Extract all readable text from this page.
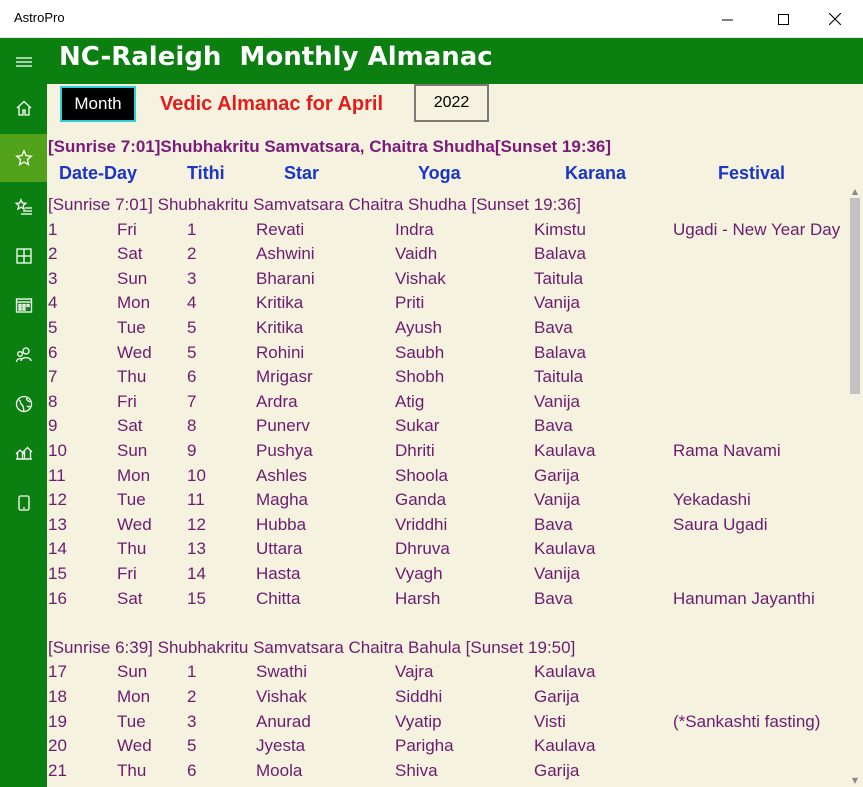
AstroPro
NC-Raleigh  Monthly Almanac
Month	Vedic Almanac for April	2022
[Sunrise 7:01]Shubhakritu Samvatsara, Chaitra Shudha[Sunset 19:36]
Date-Day	Tithi	Star	Yoga	Karana	Festival
[Sunrise 7:01] Shubhakritu Samvatsara Chaitra Shudha [Sunset 19:36]
1	Fri	1	Revati	Indra	Kimstu	Ugadi - New Year Day
2	Sat	2	Ashwini	Vaidh	Balava
3	Sun 3	Bharani	Vishak	Taitula
4	Mon 4	Kritika	Priti	Vanija
5	Tue 5	Kritika	Ayush	Bava
6	Wed 5	Rohini	Saubh	Balava
7	Thu 6	Mrigasr	Shobh	Taitula
8	Fri	7	Ardra	Atig	Vanija
9	Sat	8	Punerv	Sukar	Bava
10	Sun 9	Pushya	Dhriti	Kaulava	Rama Navami
11	Mon 10	Ashles	Shoola	Garija
12	Tue 11	Magha	Ganda	Vanija	Yekadashi
13	Wed 12	Hubba	Vriddhi	Bava	Saura Ugadi
14	Thu 13	Uttara	Dhruva	Kaulava
15	Fri	14	Hasta	Vyagh	Vanija
16	Sat	15	Chitta	Harsh	Bava	Hanuman Jayanthi
[Sunrise 6:39] Shubhakritu Samvatsara Chaitra Bahula [Sunset 19:50]
17	Sun 1	Swathi	Vajra	Kaulava
18	Mon 2	Vishak	Siddhi	Garija
19	Tue 3	Anurad	Vyatip	Visti	(*Sankashti fasting)
20	Wed 5	Jyesta	Parigha	Kaulava
21	Thu 6	Moola	Shiva	Garija
▲
▼
